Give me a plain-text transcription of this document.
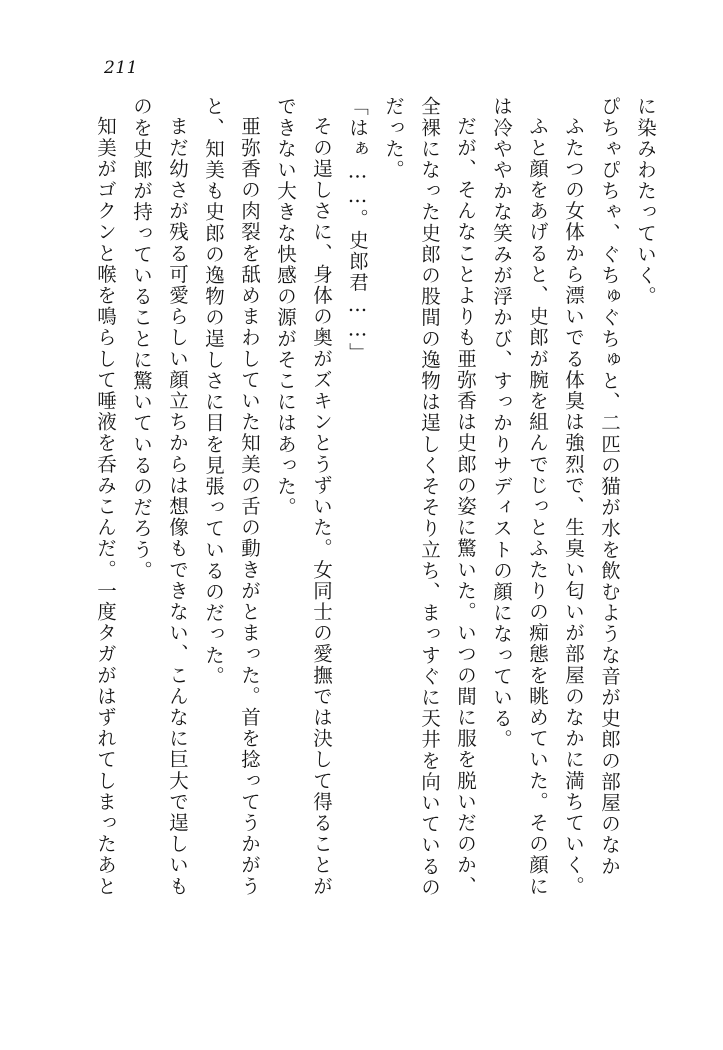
211
に染みわたっていく。
ぴちゃぴちゃ、ぐちゅぐちゅと、二匹の猫が水を飲むような音が史郎の部屋のなか
ふたつの女体から漂いでる体臭は強烈で、生臭い匂いが部屋のなかに満ちていく。
ふと顔をあげると、史郎が腕を組んでじっとふたりの痴態を眺めていた。その顔に
は冷ややかな笑みが浮かび、すっかりサディストの顔になっている。
だが、そんなことよりも亜弥香は史郎の姿に驚いた。いつの間に服を脱いだのか、
全裸になった史郎の股間の逸物は逞しくそそり立ち、まっすぐに天井を向いているの
だった。
「はぁ……。史郎君……」
その逞しさに、身体の奥がズキンとうずいた。女同士の愛撫では決して得ることが
できない大きな快感の源がそこにはあった。
亜弥香の肉裂を舐めまわしていた知美の舌の動きがとまった。首を捻ってうかがう
と、知美も史郎の逸物の逞しさに目を見張っているのだった。
まだ幼さが残る可愛らしい顔立ちからは想像もできない、こんなに巨大で逞しいも
のを史郎が持っていることに驚いているのだろう。
知美がゴクンと喉を鳴らして唾液を呑みこんだ。一度タガがはずれてしまったあと
